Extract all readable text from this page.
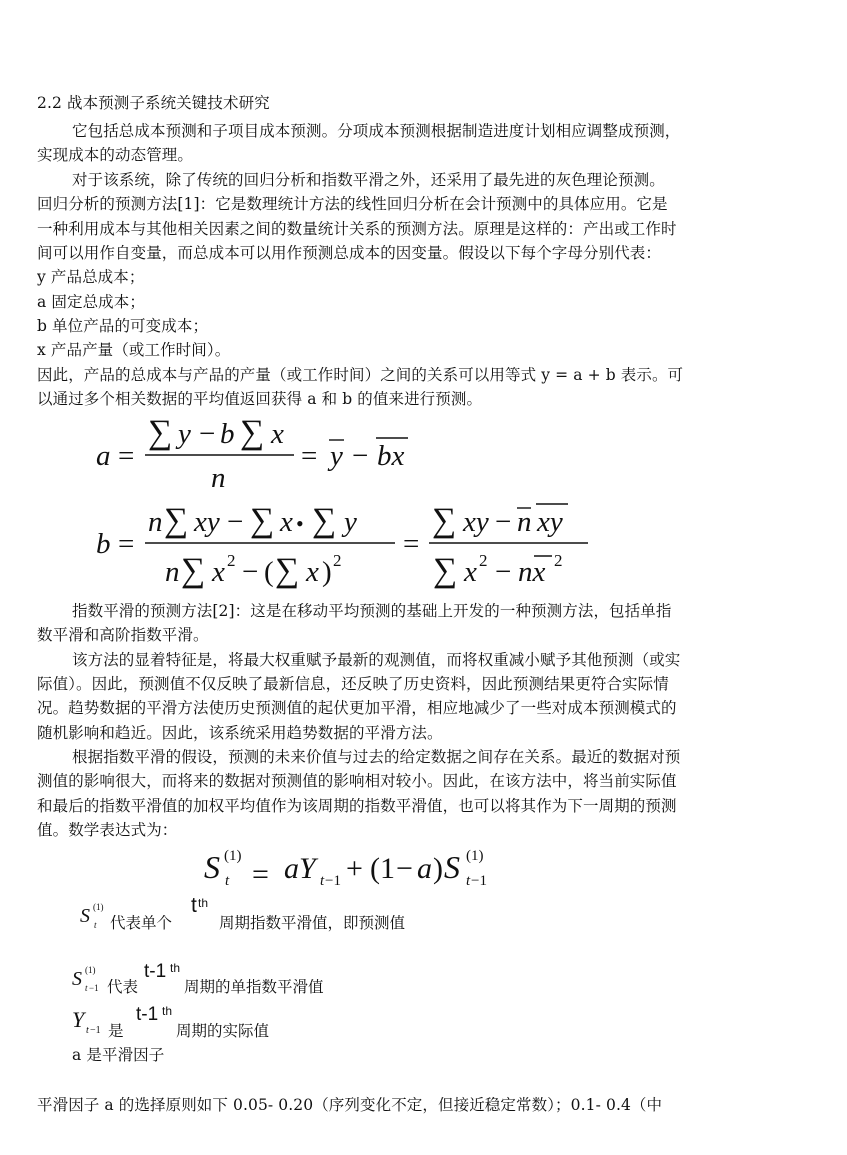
2.2 战本预测子系统关键技术研究
它包括总成本预测和子项目成本预测。分项成本预测根据制造进度计划相应调整成预测，
实现成本的动态管理。
对于该系统，除了传统的回归分析和指数平滑之外，还采用了最先进的灰色理论预测。
回归分析的预测方法[1]：它是数理统计方法的线性回归分析在会计预测中的具体应用。它是
一种利用成本与其他相关因素之间的数量统计关系的预测方法。原理是这样的：产出或工作时
间可以用作自变量，而总成本可以用作预测总成本的因变量。假设以下每个字母分别代表：
y 产品总成本；
a 固定总成本；
b 单位产品的可变成本；
x 产品产量（或工作时间）。
因此，产品的总成本与产品的产量（或工作时间）之间的关系可以用等式 y = a + b 表示。可
以通过多个相关数据的平均值返回获得 a 和 b 的值来进行预测。
a =
∑ y − b ∑ x
n
= y − bx
b =
n ∑ xy − ∑ x • ∑ y
n ∑ x 2 − ( ∑ x ) 2
=
∑ xy − n xy
∑ x 2 − nx 2
指数平滑的预测方法[2]：这是在移动平均预测的基础上开发的一种预测方法，包括单指
数平滑和高阶指数平滑。
该方法的显着特征是，将最大权重赋予最新的观测值，而将权重减小赋予其他预测（或实
际值）。因此，预测值不仅反映了最新信息，还反映了历史资料，因此预测结果更符合实际情
况。趋势数据的平滑方法使历史预测值的起伏更加平滑，相应地减少了一些对成本预测模式的
随机影响和趋近。因此，该系统采用趋势数据的平滑方法。
根据指数平滑的假设，预测的未来价值与过去的给定数据之间存在关系。最近的数据对预
测值的影响很大，而将来的数据对预测值的影响相对较小。因此，在该方法中，将当前实际值
和最后的指数平滑值的加权平均值作为该周期的指数平滑值，也可以将其作为下一周期的预测
值。数学表达式为：
S (1)
t = aY t −1 + (1 − a ) S (1)
t −1
S (1)
t 代表单个
t th
周期指数平滑值，即预测值
S (1)
t −1 代表
t-1 th
周期的单指数平滑值
Y t −1 是
t-1 th
周期的实际值
a 是平滑因子
平滑因子 a 的选择原则如下 0.05- 0.20（序列变化不定，但接近稳定常数）；0.1- 0.4（中
